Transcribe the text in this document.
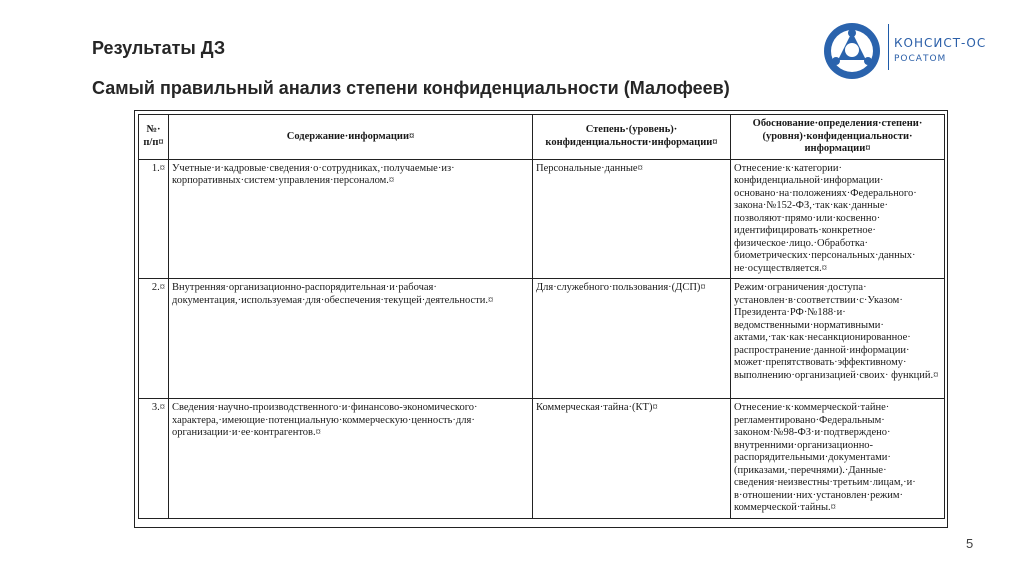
Результаты ДЗ
Самый правильный анализ степени конфиденциальности (Малофеев)
КОНСИСТ-ОС
РОСАТОМ
№· п/п¤	Содержание·информации¤	Степень·(уровень)· конфиденциальности·информации¤	Обоснование·определения·степени· (уровня)·конфиденциальности· информации¤
1.¤	Учетные·и·кадровые·сведения·о·сотрудниках,·получаемые·из· корпоративных·систем·управления·персоналом.¤	Персональные·данные¤	Отнесение·к·категории· конфиденциальной·информации· основано·на·положениях·Федерального· закона·№152-ФЗ,·так·как·данные· позволяют·прямо·или·косвенно· идентифицировать·конкретное· физическое·лицо.·Обработка· биометрических·персональных·данных· не·осуществляется.¤
2.¤	Внутренняя·организационно-распорядительная·и·рабочая· документация,·используемая·для·обеспечения·текущей·деятельности.¤	Для·служебного·пользования·(ДСП)¤	Режим·ограничения·доступа· установлен·в·соответствии·с·Указом· Президента·РФ·№188·и· ведомственными·нормативными· актами,·так·как·несанкционированное· распространение·данной·информации· может·препятствовать·эффективному· выполнению·организацией·своих· функций.¤
3.¤	Сведения·научно-производственного·и·финансово-экономического· характера,·имеющие·потенциальную·коммерческую·ценность·для· организации·и·ее·контрагентов.¤	Коммерческая·тайна·(КТ)¤	Отнесение·к·коммерческой·тайне· регламентировано·Федеральным· законом·№98-ФЗ·и·подтверждено· внутренними·организационно- распорядительными·документами· (приказами,·перечнями).·Данные· сведения·неизвестны·третьим·лицам,·и· в·отношении·них·установлен·режим· коммерческой·тайны.¤
5
